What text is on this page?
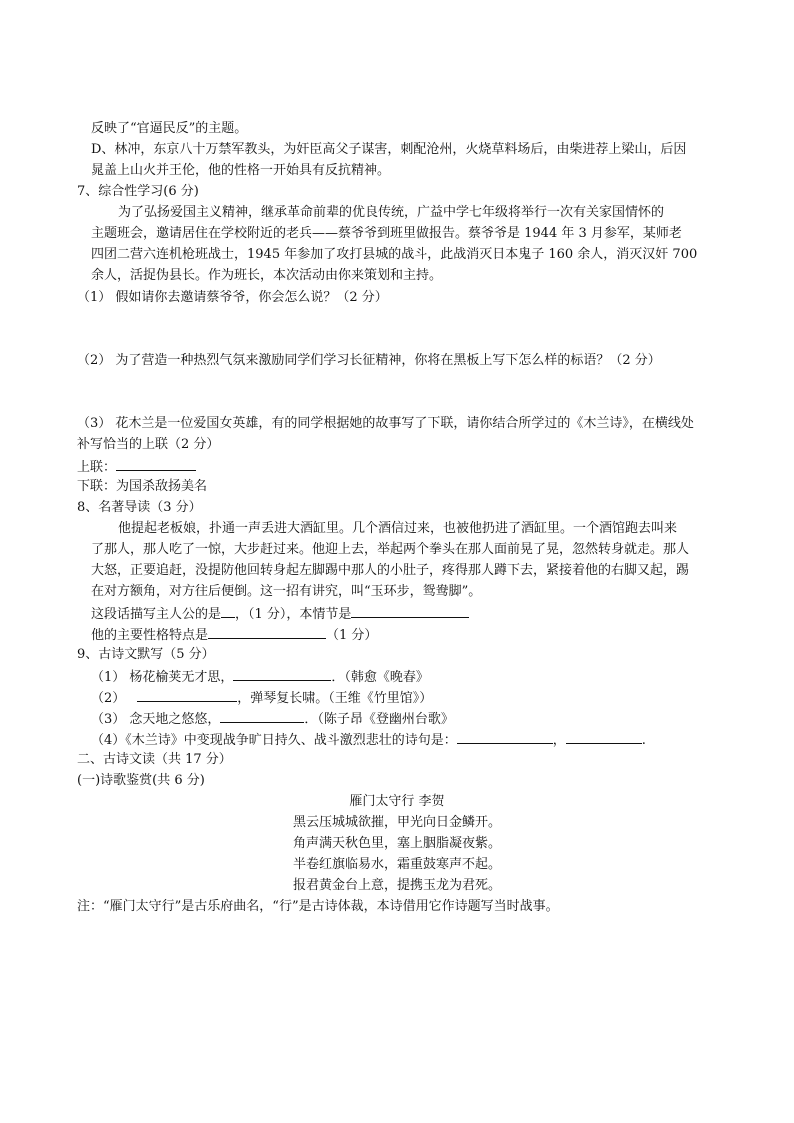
反映了“官逼民反”的主题。
D、林冲，东京八十万禁军教头，为奸臣高父子谋害，刺配沧州，火烧草料场后，由柴进荐上梁山，后因
晁盖上山火并王伦，他的性格一开始具有反抗精神。
7、综合性学习(6 分)
为了弘扬爱国主义精神，继承革命前辈的优良传统，广益中学七年级将举行一次有关家国情怀的
主题班会，邀请居住在学校附近的老兵——蔡爷爷到班里做报告。蔡爷爷是 1944 年 3 月参军，某师老
四团二营六连机枪班战士，1945 年参加了攻打县城的战斗，此战消灭日本鬼子 160 余人，消灭汉奸 700
余人，活捉伪县长。作为班长，本次活动由你来策划和主持。
（1） 假如请你去邀请蔡爷爷，你会怎么说？（2 分）
（2） 为了营造一种热烈气氛来激励同学们学习长征精神，你将在黑板上写下怎么样的标语？（2 分）
（3） 花木兰是一位爱国女英雄，有的同学根据她的故事写了下联，请你结合所学过的《木兰诗》，在横线处
补写恰当的上联（2 分）
上联：
下联：为国杀敌扬美名
8、名著导读（3 分）
他提起老板娘，扑通一声丢进大酒缸里。几个酒信过来，也被他扔进了酒缸里。一个酒馆跑去叫来
了那人，那人吃了一惊，大步赶过来。他迎上去，举起两个拳头在那人面前晃了晃，忽然转身就走。那人
大怒，正要追赶，没提防他回转身起左脚踢中那人的小肚子，疼得那人蹲下去，紧接着他的右脚又起，踢
在对方额角，对方往后便倒。这一招有讲究，叫“玉环步，鸳鸯脚”。
这段话描写主人公的是 ，（1 分），本情节是
他的主要性格特点是	（1 分）
9、古诗文默写（5 分）
（1） 杨花榆荚无才思，	．（韩愈《晚春》
（2）	，弹琴复长啸。（王维《竹里馆》）
（3） 念天地之悠悠，	．（陈子昂《登幽州台歌》
（4）《木兰诗》中变现战争旷日持久、战斗激烈悲壮的诗句是：	，	.
二、古诗文读（共 17 分）
(一)诗歌鉴赏(共 6 分)
雁门太守行 李贺
黑云压城城欲摧，甲光向日金鳞开。
角声满天秋色里，塞上胭脂凝夜紫。
半卷红旗临易水，霜重鼓寒声不起。
报君黄金台上意，提携玉龙为君死。
注：“雁门太守行”是古乐府曲名，“行”是古诗体裁，本诗借用它作诗题写当时战事。
